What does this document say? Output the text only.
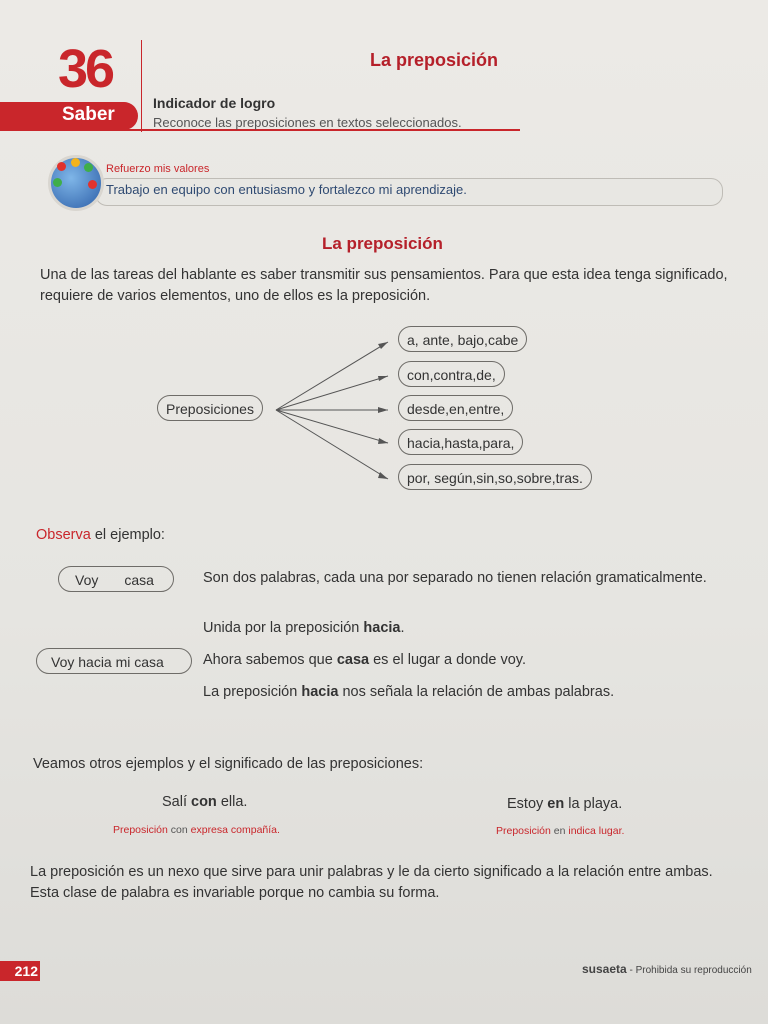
36	La preposición
Saber
Indicador de logro
Reconoce las preposiciones en textos seleccionados.
Refuerzo mis valores
Trabajo en equipo con entusiasmo y fortalezco mi aprendizaje.
La preposición
Una de las tareas del hablante es saber transmitir sus pensamientos. Para que esta idea tenga significado, requiere de varios elementos, uno de ellos es la preposición.
Preposiciones
a, ante, bajo,cabe
con,contra,de,
desde,en,entre,
hacia,hasta,para,
por, según,sin,so,sobre,tras.
Observa el ejemplo:
Voy casa	Son dos palabras, cada una por separado no tienen relación gramaticalmente.
Unida por la preposición hacia.
Voy hacia mi casa	Ahora sabemos que casa es el lugar a donde voy.
La preposición hacia nos señala la relación de ambas palabras.
Veamos otros ejemplos y el significado de las preposiciones:
Salí con ella.
Preposición con expresa compañía.
Estoy en la playa.
Preposición en indica lugar.
La preposición es un nexo que sirve para unir palabras y le da cierto significado a la relación entre ambas. Esta clase de palabra es invariable porque no cambia su forma.
212	susaeta - Prohibida su reproducción
